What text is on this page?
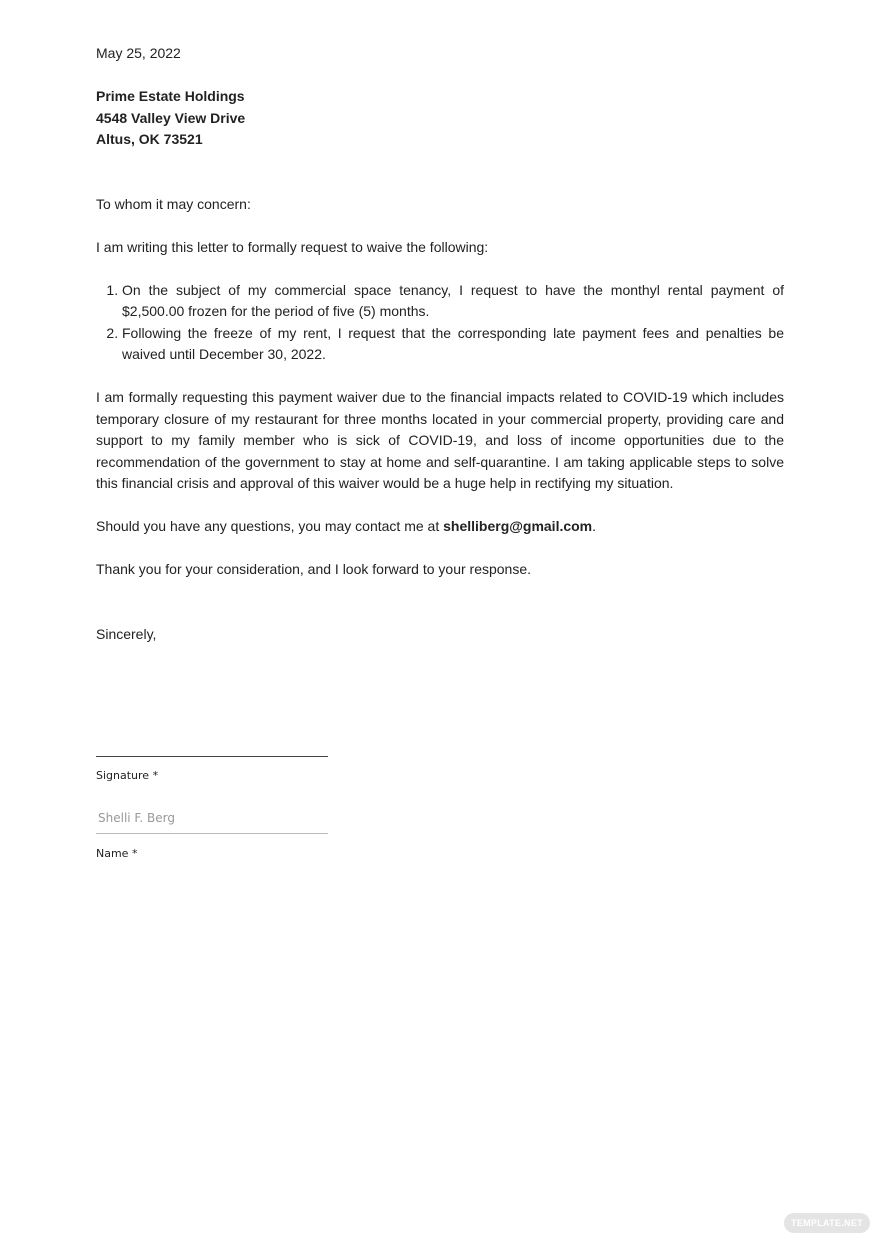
May 25, 2022

Prime Estate Holdings

4548 Valley View Drive

Altus, OK 73521

To whom it may concern:

I am writing this letter to formally request to waive the following:

1. On the subject of my commercial space tenancy, I request to have the monthyl rental payment of $2,500.00 frozen for the period of five (5) months.
2. Following the freeze of my rent, I request that the corresponding late payment fees and penalties be waived until December 30, 2022.

I am formally requesting this payment waiver due to the financial impacts related to COVID-19 which includes temporary closure of my restaurant for three months located in your commercial property, providing care and support to my family member who is sick of COVID-19, and loss of income opportunities due to the recommendation of the government to stay at home and self-quarantine. I am taking applicable steps to solve this financial crisis and approval of this waiver would be a huge help in rectifying my situation.

Should you have any questions, you may contact me at shelliberg@gmail.com.

Thank you for your consideration, and I look forward to your response.

Sincerely,

Signature *
Shelli F. Berg
Name *
TEMPLATE.NET
